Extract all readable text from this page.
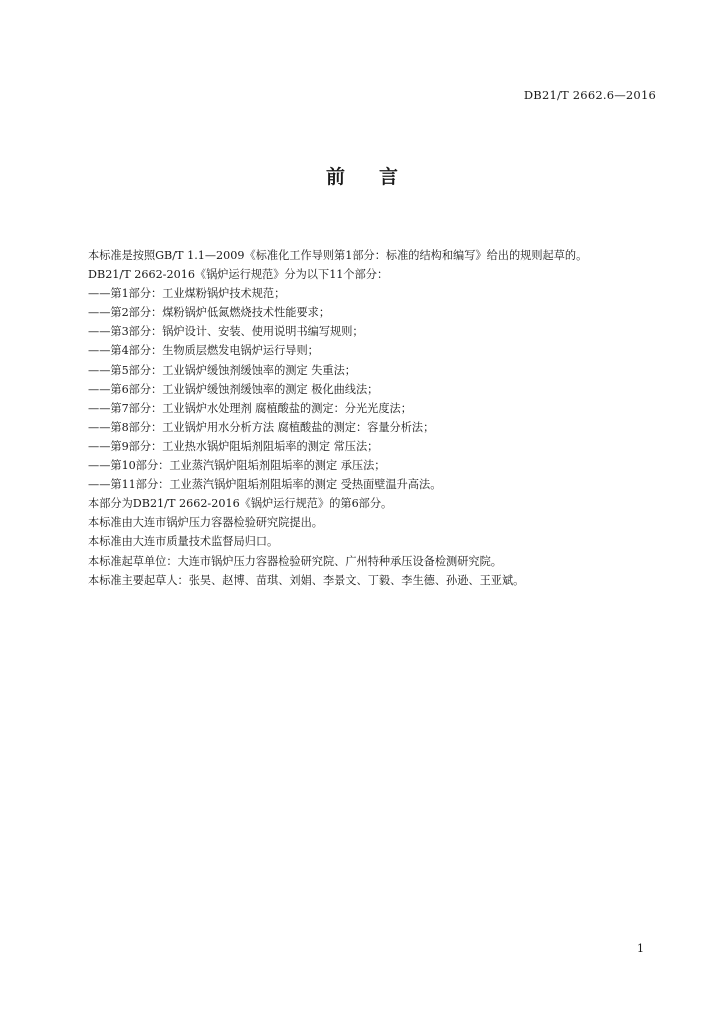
DB21/T 2662.6—2016
前言

本标准是按照GB/T 1.1—2009《标准化工作导则第1部分：标准的结构和编写》给出的规则起草的。

DB21/T 2662-2016《锅炉运行规范》分为以下11个部分：

——第1部分：工业煤粉锅炉技术规范；

——第2部分：煤粉锅炉低氮燃烧技术性能要求；

——第3部分：锅炉设计、安装、使用说明书编写规则；

——第4部分：生物质层燃发电锅炉运行导则；

——第5部分：工业锅炉缓蚀剂缓蚀率的测定 失重法；

——第6部分：工业锅炉缓蚀剂缓蚀率的测定 极化曲线法；

——第7部分：工业锅炉水处理剂 腐植酸盐的测定：分光光度法；

——第8部分：工业锅炉用水分析方法 腐植酸盐的测定：容量分析法；

——第9部分：工业热水锅炉阻垢剂阻垢率的测定 常压法；

——第10部分：工业蒸汽锅炉阻垢剂阻垢率的测定 承压法；

——第11部分：工业蒸汽锅炉阻垢剂阻垢率的测定 受热面壁温升高法。

本部分为DB21/T 2662-2016《锅炉运行规范》的第6部分。

本标准由大连市锅炉压力容器检验研究院提出。

本标准由大连市质量技术监督局归口。

本标准起草单位：大连市锅炉压力容器检验研究院、广州特种承压设备检测研究院。

本标准主要起草人：张昊、赵博、苗琪、刘娟、李景文、丁毅、李生德、孙逊、王亚斌。

1
